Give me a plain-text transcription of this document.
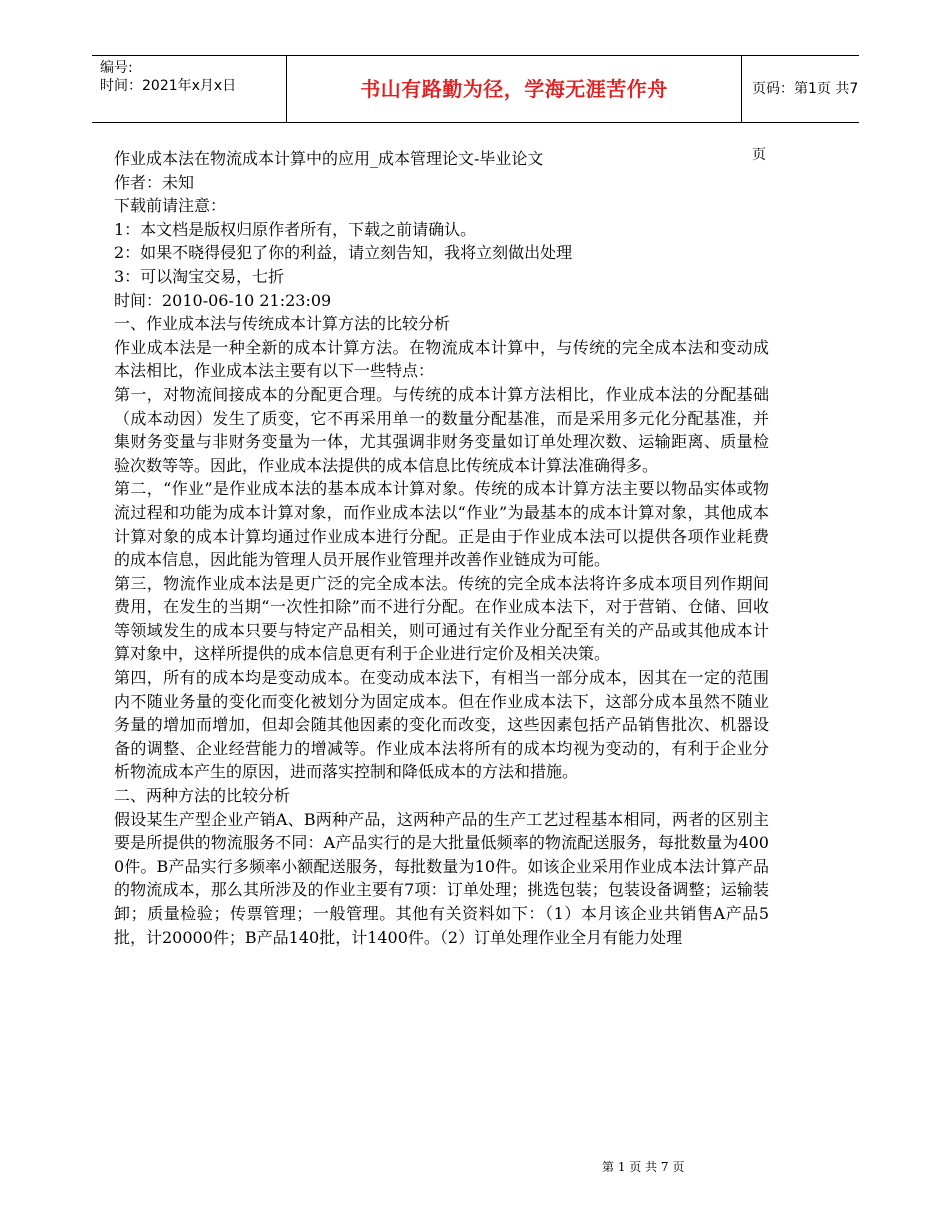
编号:
时间：2021年x月x日	书山有路勤为径，学海无涯苦作舟	页码：第1页 共7页

作业成本法在物流成本计算中的应用_成本管理论文-毕业论文

作者：未知

下载前请注意：

1：本文档是版权归原作者所有，下载之前请确认。

2：如果不晓得侵犯了你的利益，请立刻告知，我将立刻做出处理

3：可以淘宝交易，七折

时间：2010-06-10 21:23:09

一、作业成本法与传统成本计算方法的比较分析

作业成本法是一种全新的成本计算方法。在物流成本计算中，与传统的完全成本法和变动成本法相比，作业成本法主要有以下一些特点：

第一，对物流间接成本的分配更合理。与传统的成本计算方法相比，作业成本法的分配基础（成本动因）发生了质变，它不再采用单一的数量分配基准，而是采用多元化分配基准，并集财务变量与非财务变量为一体，尤其强调非财务变量如订单处理次数、运输距离、质量检验次数等等。因此，作业成本法提供的成本信息比传统成本计算法准确得多。

第二，“作业”是作业成本法的基本成本计算对象。传统的成本计算方法主要以物品实体或物流过程和功能为成本计算对象，而作业成本法以“作业”为最基本的成本计算对象，其他成本计算对象的成本计算均通过作业成本进行分配。正是由于作业成本法可以提供各项作业耗费的成本信息，因此能为管理人员开展作业管理并改善作业链成为可能。

第三，物流作业成本法是更广泛的完全成本法。传统的完全成本法将许多成本项目列作期间费用，在发生的当期“一次性扣除”而不进行分配。在作业成本法下，对于营销、仓储、回收等领域发生的成本只要与特定产品相关，则可通过有关作业分配至有关的产品或其他成本计算对象中，这样所提供的成本信息更有利于企业进行定价及相关决策。

第四，所有的成本均是变动成本。在变动成本法下，有相当一部分成本，因其在一定的范围内不随业务量的变化而变化被划分为固定成本。但在作业成本法下，这部分成本虽然不随业务量的增加而增加，但却会随其他因素的变化而改变，这些因素包括产品销售批次、机器设备的调整、企业经营能力的增减等。作业成本法将所有的成本均视为变动的，有利于企业分析物流成本产生的原因，进而落实控制和降低成本的方法和措施。

二、两种方法的比较分析

假设某生产型企业产销A、B两种产品，这两种产品的生产工艺过程基本相同，两者的区别主要是所提供的物流服务不同：A产品实行的是大批量低频率的物流配送服务，每批数量为4000件。B产品实行多频率小额配送服务，每批数量为10件。如该企业采用作业成本法计算产品的物流成本，那么其所涉及的作业主要有7项：订单处理；挑选包装；包装设备调整；运输装卸；质量检验；传票管理；一般管理。其他有关资料如下：（1）本月该企业共销售A产品5批，计20000件；B产品140批，计1400件。（2）订单处理作业全月有能力处理

第 1 页 共 7 页
